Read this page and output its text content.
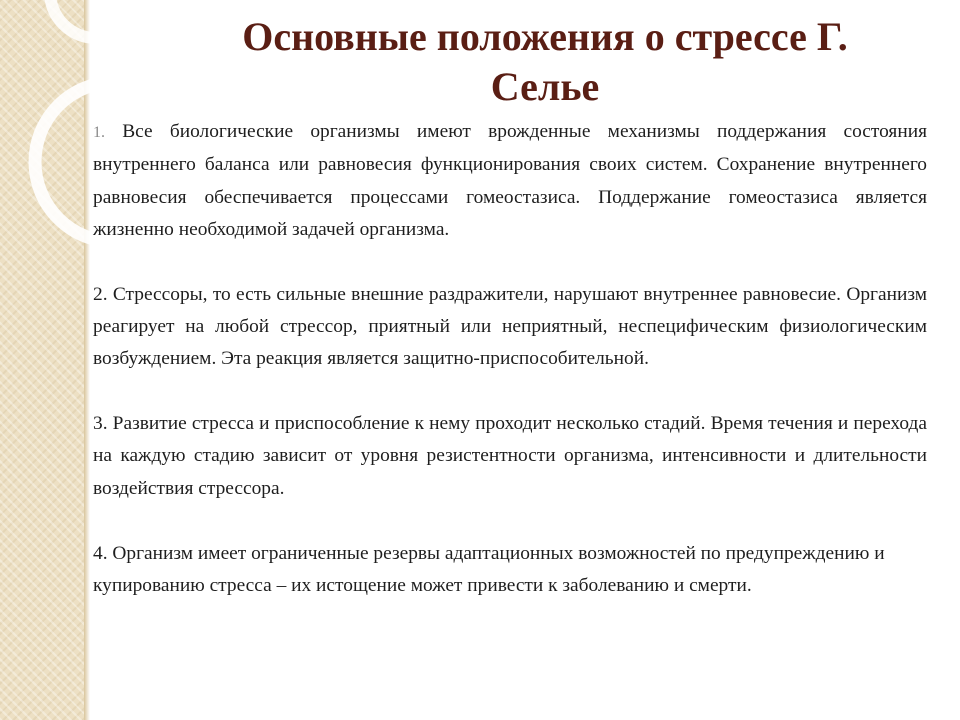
Основные положения о стрессе Г.
Селье

1. Все биологические организмы имеют врожденные механизмы поддержания состояния внутреннего баланса или равновесия функционирования своих систем. Сохранение внутреннего равновесия обеспечивается процессами гомеостазиса. Поддержание гомеостазиса является жизненно необходимой задачей организма.

2. Стрессоры, то есть сильные внешние раздражители, нарушают внутреннее равновесие. Организм реагирует на любой стрессор, приятный или неприятный, неспецифическим физиологическим возбуждением. Эта реакция является защитно-приспособительной.

3. Развитие стресса и приспособление к нему проходит несколько стадий. Время течения и перехода на каждую стадию зависит от уровня резистентности организма, интенсивности и длительности воздействия стрессора.

4. Организм имеет ограниченные резервы адаптационных возможностей по предупреждению и купированию стресса – их истощение может привести к заболеванию и смерти.
